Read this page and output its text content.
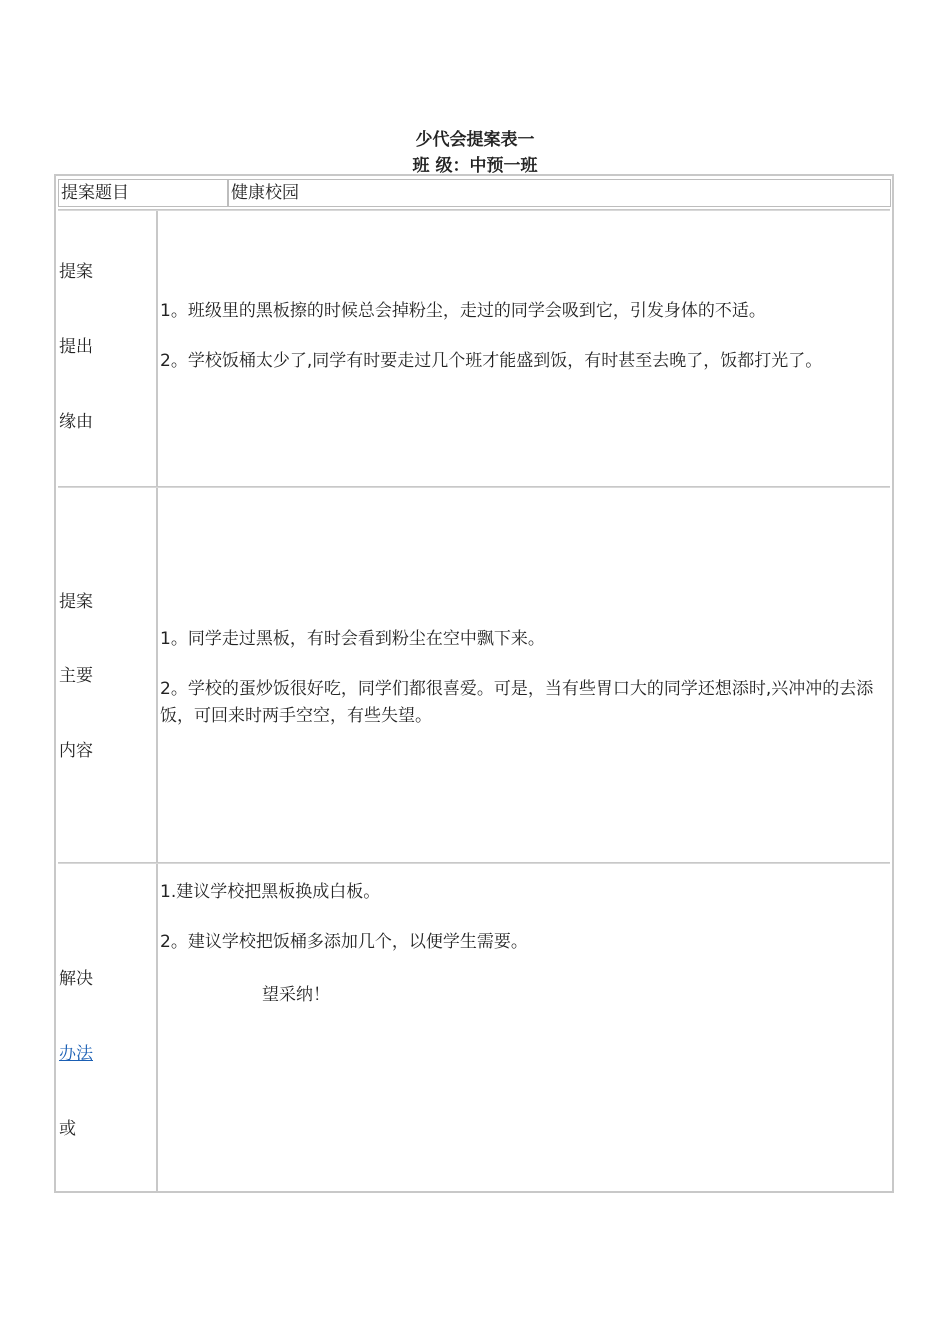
少代会提案表一
班 级：中预一班
提案题目	健康校园
提案
提出
缘由
1。班级里的黑板擦的时候总会掉粉尘，走过的同学会吸到它，引发身体的不适。
2。学校饭桶太少了,同学有时要走过几个班才能盛到饭，有时甚至去晚了，饭都打光了。
提案
主要
内容
1。同学走过黑板，有时会看到粉尘在空中飘下来。
2。学校的蛋炒饭很好吃，同学们都很喜爱。可是，当有些胃口大的同学还想添时,兴冲冲的去添饭，可回来时两手空空，有些失望。
解决
办法
或
1.建议学校把黑板换成白板。
2。建议学校把饭桶多添加几个，以便学生需要。
望采纳！
